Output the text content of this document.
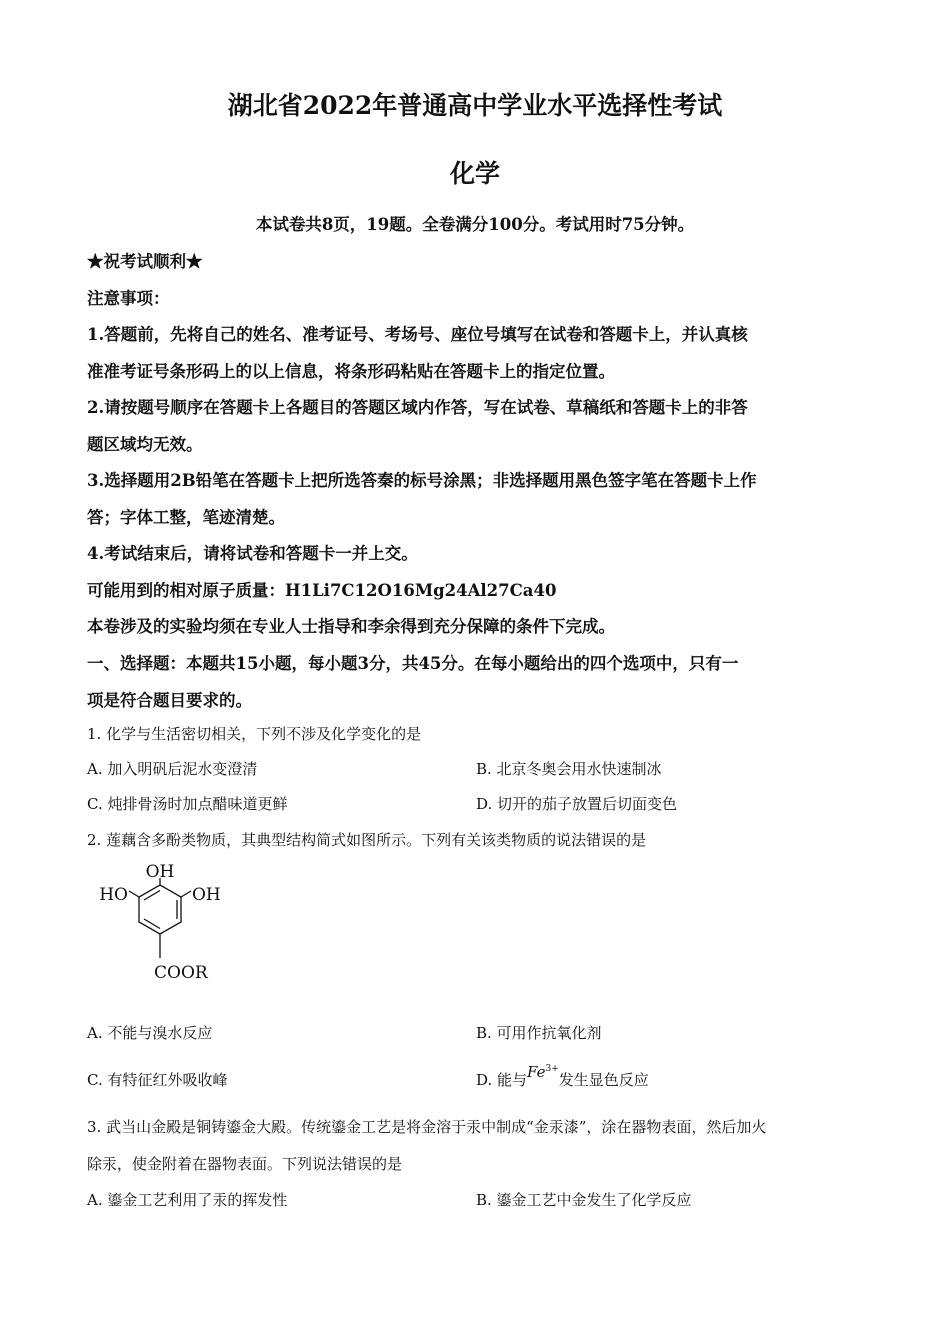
湖北省2022年普通高中学业水平选择性考试
化学
本试卷共8页，19题。全卷满分100分。考试用时75分钟。
★祝考试顺利★
注意事项：
1.答题前，先将自己的姓名、准考证号、考场号、座位号填写在试卷和答题卡上，并认真核
准准考证号条形码上的以上信息，将条形码粘贴在答题卡上的指定位置。
2.请按题号顺序在答题卡上各题目的答题区域内作答，写在试卷、草稿纸和答题卡上的非答
题区域均无效。
3.选择题用2B铅笔在答题卡上把所选答秦的标号涂黑；非选择题用黑色签字笔在答题卡上作
答；字体工整，笔迹清楚。
4.考试结束后，请将试卷和答题卡一并上交。
可能用到的相对原子质量：H1Li7C12O16Mg24Al27Ca40
本卷涉及的实验均须在专业人士指导和李余得到充分保障的条件下完成。
一、选择题：本题共15小题，每小题3分，共45分。在每小题给出的四个选项中，只有一
项是符合题目要求的。
1. 化学与生活密切相关，下列不涉及化学变化的是
A. 加入明矾后泥水变澄清	B. 北京冬奥会用水快速制冰
C. 炖排骨汤时加点醋味道更鲜	D. 切开的茄子放置后切面变色
2. 莲藕含多酚类物质，其典型结构简式如图所示。下列有关该类物质的说法错误的是
OH
HO	OH
COOR
A. 不能与溴水反应	B. 可用作抗氧化剂
C. 有特征红外吸收峰	D. 能与$Fe^{3+}$发生显色反应
3. 武当山金殿是铜铸鎏金大殿。传统鎏金工艺是将金溶于汞中制成“金汞漆”，涂在器物表面，然后加火
除汞，使金附着在器物表面。下列说法错误的是
A. 鎏金工艺利用了汞的挥发性	B. 鎏金工艺中金发生了化学反应
